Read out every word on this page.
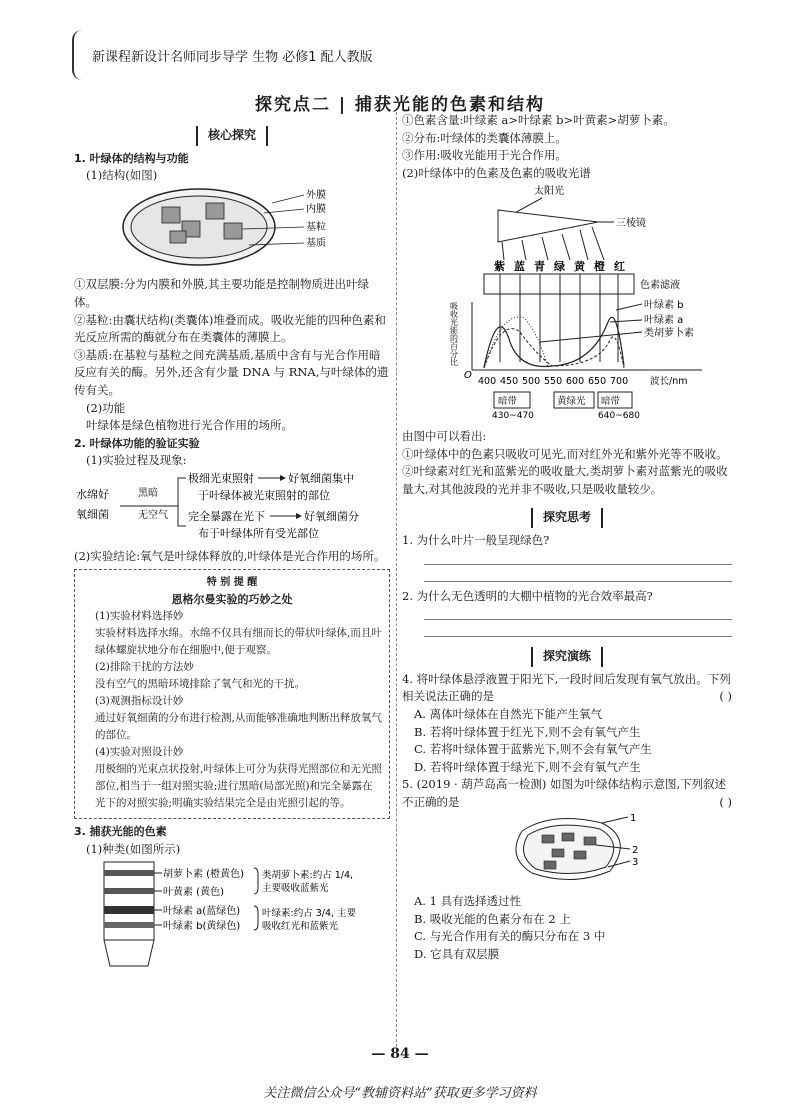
新课程新设计名师同步导学 生物 必修1 配人教版
探究点二 | 捕获光能的色素和结构
核心探究

1. 叶绿体的结构与功能

(1)结构(如图)

外膜
内膜
基粒
基质

①双层膜:分为内膜和外膜,其主要功能是控制物质进出叶绿体。

②基粒:由囊状结构(类囊体)堆叠而成。吸收光能的四种色素和光反应所需的酶就分布在类囊体的薄膜上。

③基质:在基粒与基粒之间充满基质,基质中含有与光合作用暗反应有关的酶。另外,还含有少量 DNA 与 RNA,与叶绿体的遗传有关。

(2)功能

叶绿体是绿色植物进行光合作用的场所。

2. 叶绿体功能的验证实验

(1)实验过程及现象:

水绵好
氧细菌
黑暗
无空气
极细光束照射	好氧细菌集中
于叶绿体被光束照射的部位
完全暴露在光下	好氧细菌分
布于叶绿体所有受光部位

(2)实验结论:氧气是叶绿体释放的,叶绿体是光合作用的场所。

特 别 提 醒
恩格尔曼实验的巧妙之处

(1)实验材料选择妙

实验材料选择水绵。水绵不仅具有细而长的带状叶绿体,而且叶绿体螺旋状地分布在细胞中,便于观察。

(2)排除干扰的方法妙

没有空气的黑暗环境排除了氧气和光的干扰。

(3)观测指标设计妙

通过好氧细菌的分布进行检测,从而能够准确地判断出释放氧气的部位。

(4)实验对照设计妙

用极细的光束点状投射,叶绿体上可分为获得光照部位和无光照部位,相当于一组对照实验;进行黑暗(局部光照)和完全暴露在光下的对照实验;明确实验结果完全是由光照引起的等。

3. 捕获光能的色素

(1)种类(如图所示)

胡萝卜素 (橙黄色)
叶黄素 (黄色)
叶绿素 a(蓝绿色)
叶绿素 b(黄绿色)
类胡萝卜素:约占 1/4,
主要吸收蓝紫光
叶绿素:约占 3/4, 主要
吸收红光和蓝紫光

①色素含量:叶绿素 a>叶绿素 b>叶黄素>胡萝卜素。

②分布:叶绿体的类囊体薄膜上。

③作用:吸收光能用于光合作用。

(2)叶绿体中的色素及色素的吸收光谱

太阳光
三棱镜
紫 蓝 青 绿 黄 橙 红
色素滤液
吸收光能的百分比
O
叶绿素 b
叶绿素 a
类胡萝卜素
400 450 500 550 600 650 700 波长/nm
暗带
430~470
黄绿光 暗带
640~680

由图中可以看出:

①叶绿体中的色素只吸收可见光,而对红外光和紫外光等不吸收。

②叶绿素对红光和蓝紫光的吸收量大,类胡萝卜素对蓝紫光的吸收量大,对其他波段的光并非不吸收,只是吸收量较少。

探究思考

1. 为什么叶片一般呈现绿色?

2. 为什么无色透明的大棚中植物的光合效率最高?

探究演练

4. 将叶绿体悬浮液置于阳光下,一段时间后发现有氧气放出。下列相关说法正确的是	( )

A. 离体叶绿体在自然光下能产生氧气

B. 若将叶绿体置于红光下,则不会有氧气产生

C. 若将叶绿体置于蓝紫光下,则不会有氧气产生

D. 若将叶绿体置于绿光下,则不会有氧气产生

5. (2019 · 葫芦岛高一检测) 如图为叶绿体结构示意图,下列叙述不正确的是	( )

1
2
3

A. 1 具有选择透过性

B. 吸收光能的色素分布在 2 上

C. 与光合作用有关的酶只分布在 3 中

D. 它具有双层膜

— 84 —
关注微信公众号“教辅资料站”获取更多学习资料
